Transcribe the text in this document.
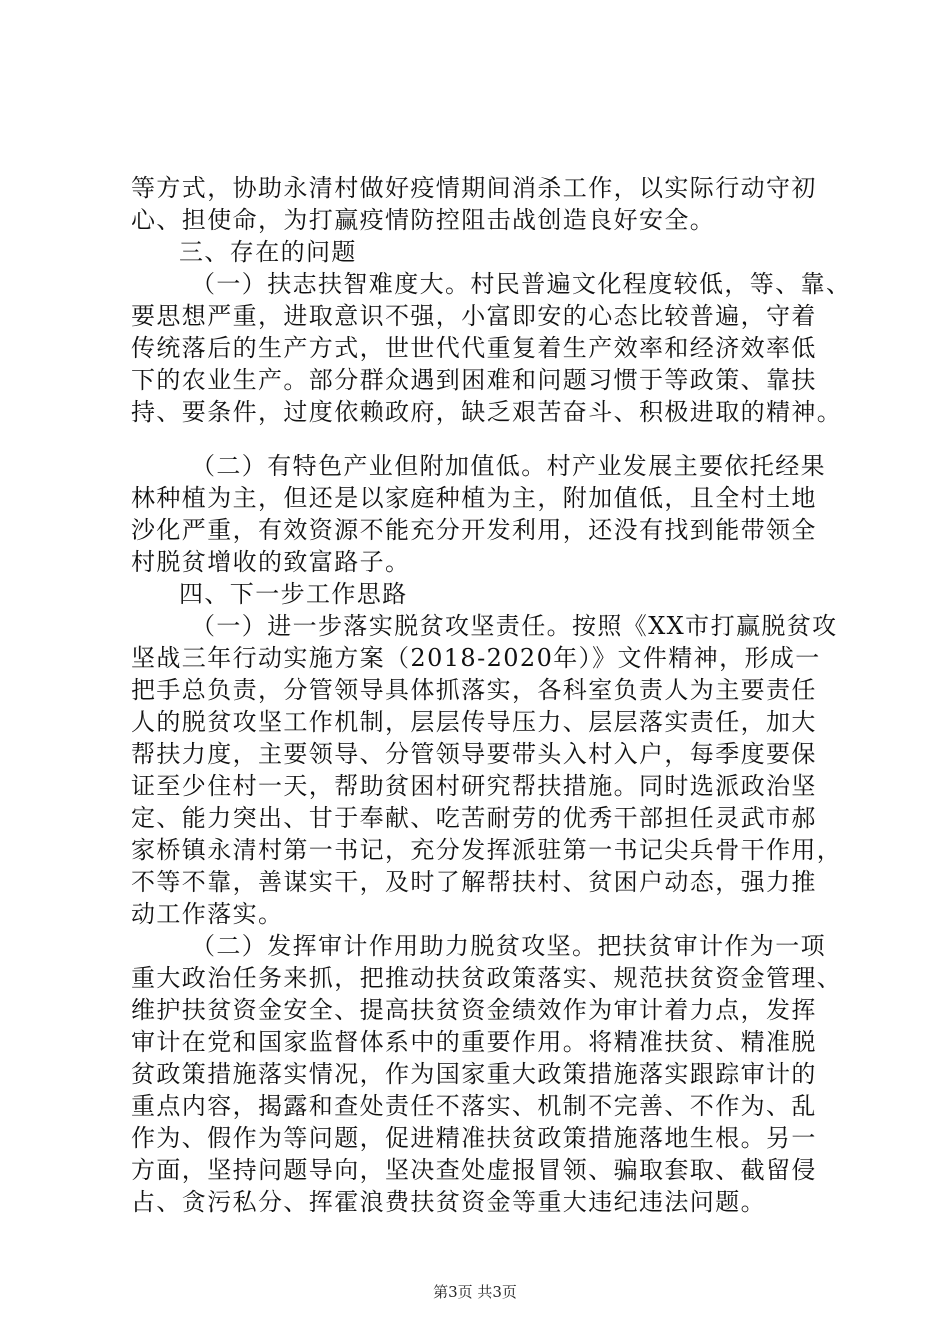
等方式，协助永清村做好疫情期间消杀工作，以实际行动守初
心、担使命，为打赢疫情防控阻击战创造良好安全。
三、存在的问题
（一）扶志扶智难度大。村民普遍文化程度较低，等、靠、
要思想严重，进取意识不强，小富即安的心态比较普遍，守着
传统落后的生产方式，世世代代重复着生产效率和经济效率低
下的农业生产。部分群众遇到困难和问题习惯于等政策、靠扶
持、要条件，过度依赖政府，缺乏艰苦奋斗、积极进取的精神。
（二）有特色产业但附加值低。村产业发展主要依托经果
林种植为主，但还是以家庭种植为主，附加值低，且全村土地
沙化严重，有效资源不能充分开发利用，还没有找到能带领全
村脱贫增收的致富路子。
四、下一步工作思路
（一）进一步落实脱贫攻坚责任。按照《XX市打赢脱贫攻
坚战三年行动实施方案（2018-2020年）》文件精神，形成一
把手总负责，分管领导具体抓落实，各科室负责人为主要责任
人的脱贫攻坚工作机制，层层传导压力、层层落实责任，加大
帮扶力度，主要领导、分管领导要带头入村入户，每季度要保
证至少住村一天，帮助贫困村研究帮扶措施。同时选派政治坚
定、能力突出、甘于奉献、吃苦耐劳的优秀干部担任灵武市郝
家桥镇永清村第一书记，充分发挥派驻第一书记尖兵骨干作用，
不等不靠，善谋实干，及时了解帮扶村、贫困户动态，强力推
动工作落实。
（二）发挥审计作用助力脱贫攻坚。把扶贫审计作为一项
重大政治任务来抓，把推动扶贫政策落实、规范扶贫资金管理、
维护扶贫资金安全、提高扶贫资金绩效作为审计着力点，发挥
审计在党和国家监督体系中的重要作用。将精准扶贫、精准脱
贫政策措施落实情况，作为国家重大政策措施落实跟踪审计的
重点内容，揭露和查处责任不落实、机制不完善、不作为、乱
作为、假作为等问题，促进精准扶贫政策措施落地生根。另一
方面，坚持问题导向，坚决查处虚报冒领、骗取套取、截留侵
占、贪污私分、挥霍浪费扶贫资金等重大违纪违法问题。
第3页 共3页
